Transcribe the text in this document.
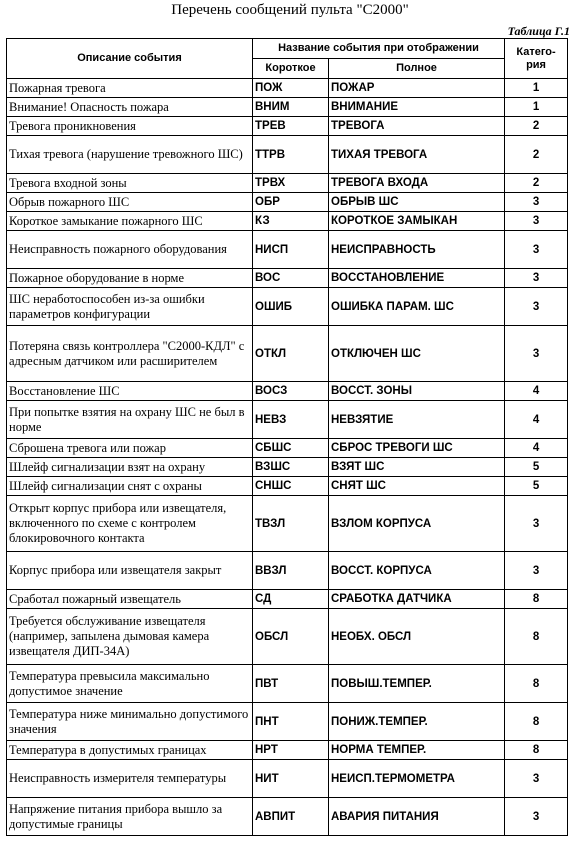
Перечень сообщений пульта "С2000"
Таблица Г.1
Описание события	Название события при отображении		Катего-
рия
	Короткое	Полное	
Пожарная тревога	ПОЖ	ПОЖАР	1
Внимание! Опасность пожара	ВНИМ	ВНИМАНИЕ	1
Тревога проникновения	ТРЕВ	ТРЕВОГА	2
Тихая тревога (нарушение тревожного ШС)	ТТРВ	ТИХАЯ ТРЕВОГА	2
Тревога входной зоны	ТРВХ	ТРЕВОГА ВХОДА	2
Обрыв пожарного ШС	ОБР	ОБРЫВ ШС	3
Короткое замыкание пожарного ШС	КЗ	КОРОТКОЕ ЗАМЫКАН	3
Неисправность пожарного оборудования	НИСП	НЕИСПРАВНОСТЬ	3
Пожарное оборудование в норме	ВОС	ВОССТАНОВЛЕНИЕ	3
ШС неработоспособен из-за ошибки параметров конфигурации	ОШИБ	ОШИБКА ПАРАМ. ШС	3
Потеряна связь контроллера "С2000-КДЛ" с адресным датчиком или расширителем	ОТКЛ	ОТКЛЮЧЕН ШС	3
Восстановление ШС	ВОСЗ	ВОССТ. ЗОНЫ	4
При попытке взятия на охрану ШС не был в норме	НЕВЗ	НЕВЗЯТИЕ	4
Сброшена тревога или пожар	СБШС	СБРОС ТРЕВОГИ ШС	4
Шлейф сигнализации взят на охрану	ВЗШС	ВЗЯТ ШС	5
Шлейф сигнализации снят с охраны	СНШС	СНЯТ ШС	5
Открыт корпус прибора или извещателя, включенного по схеме с контролем блокировочного контакта	ТВЗЛ	ВЗЛОМ КОРПУСА	3
Корпус прибора или извещателя закрыт	ВВЗЛ	ВОССТ. КОРПУСА	3
Сработал пожарный извещатель	СД	СРАБОТКА ДАТЧИКА	8
Требуется обслуживание извещателя (например, запылена дымовая камера извещателя ДИП-34А)	ОБСЛ	НЕОБХ. ОБСЛ	8
Температура превысила максимально допустимое значение	ПВТ	ПОВЫШ.ТЕМПЕР.	8
Температура ниже минимально допустимого значения	ПНТ	ПОНИЖ.ТЕМПЕР.	8
Температура в допустимых границах	НРТ	НОРМА ТЕМПЕР.	8
Неисправность измерителя температуры	НИТ	НЕИСП.ТЕРМОМЕТРА	3
Напряжение питания прибора вышло за допустимые границы	АВПИТ	АВАРИЯ ПИТАНИЯ	3
